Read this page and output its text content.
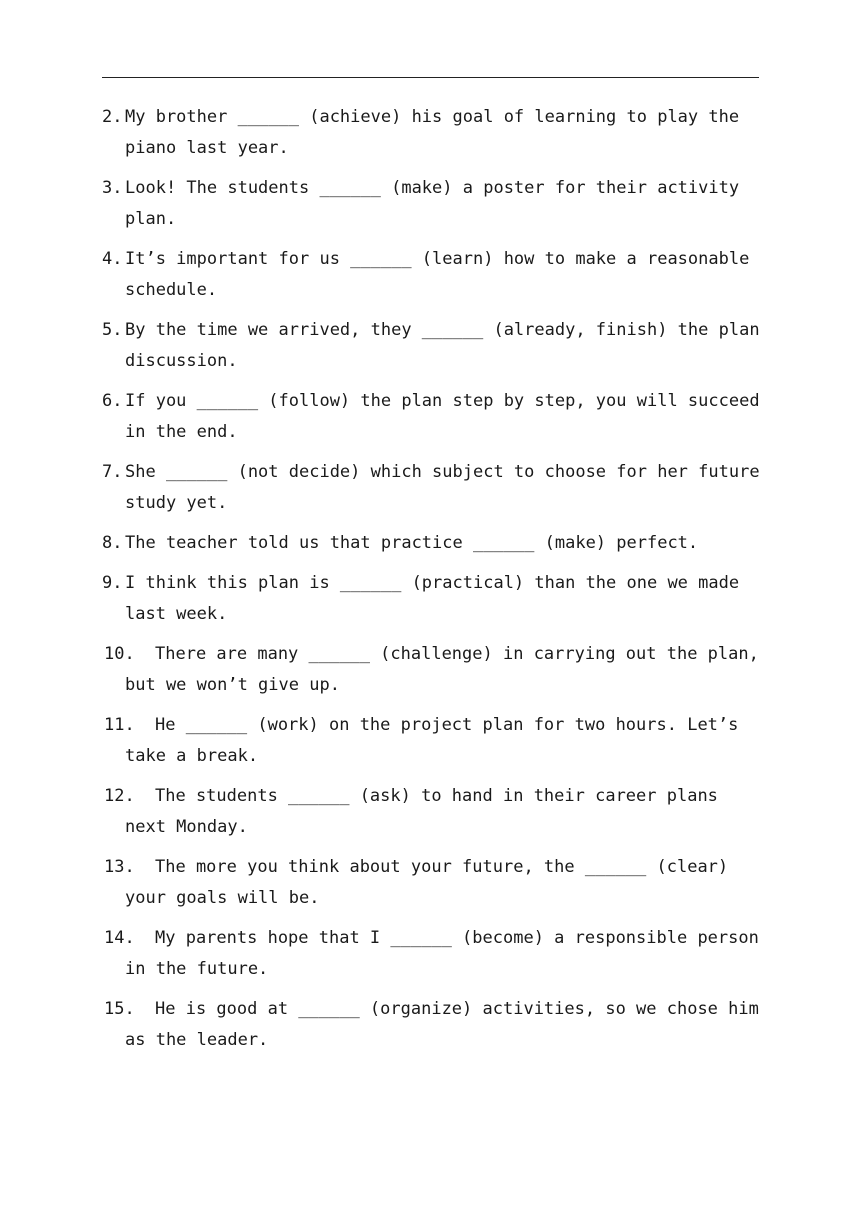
2. My brother ______ (achieve) his goal of learning to play the
piano last year.
3. Look! The students ______ (make) a poster for their activity
plan.
4. It’s important for us ______ (learn) how to make a reasonable
schedule.
5. By the time we arrived, they ______ (already, finish) the plan
discussion.
6. If you ______ (follow) the plan step by step, you will succeed
in the end.
7. She ______ (not decide) which subject to choose for her future
study yet.
8. The teacher told us that practice ______ (make) perfect.
9. I think this plan is ______ (practical) than the one we made
last week.
10. There are many ______ (challenge) in carrying out the plan,
but we won’t give up.
11. He ______ (work) on the project plan for two hours. Let’s
take a break.
12. The students ______ (ask) to hand in their career plans
next Monday.
13. The more you think about your future, the ______ (clear)
your goals will be.
14. My parents hope that I ______ (become) a responsible person
in the future.
15. He is good at ______ (organize) activities, so we chose him
as the leader.
